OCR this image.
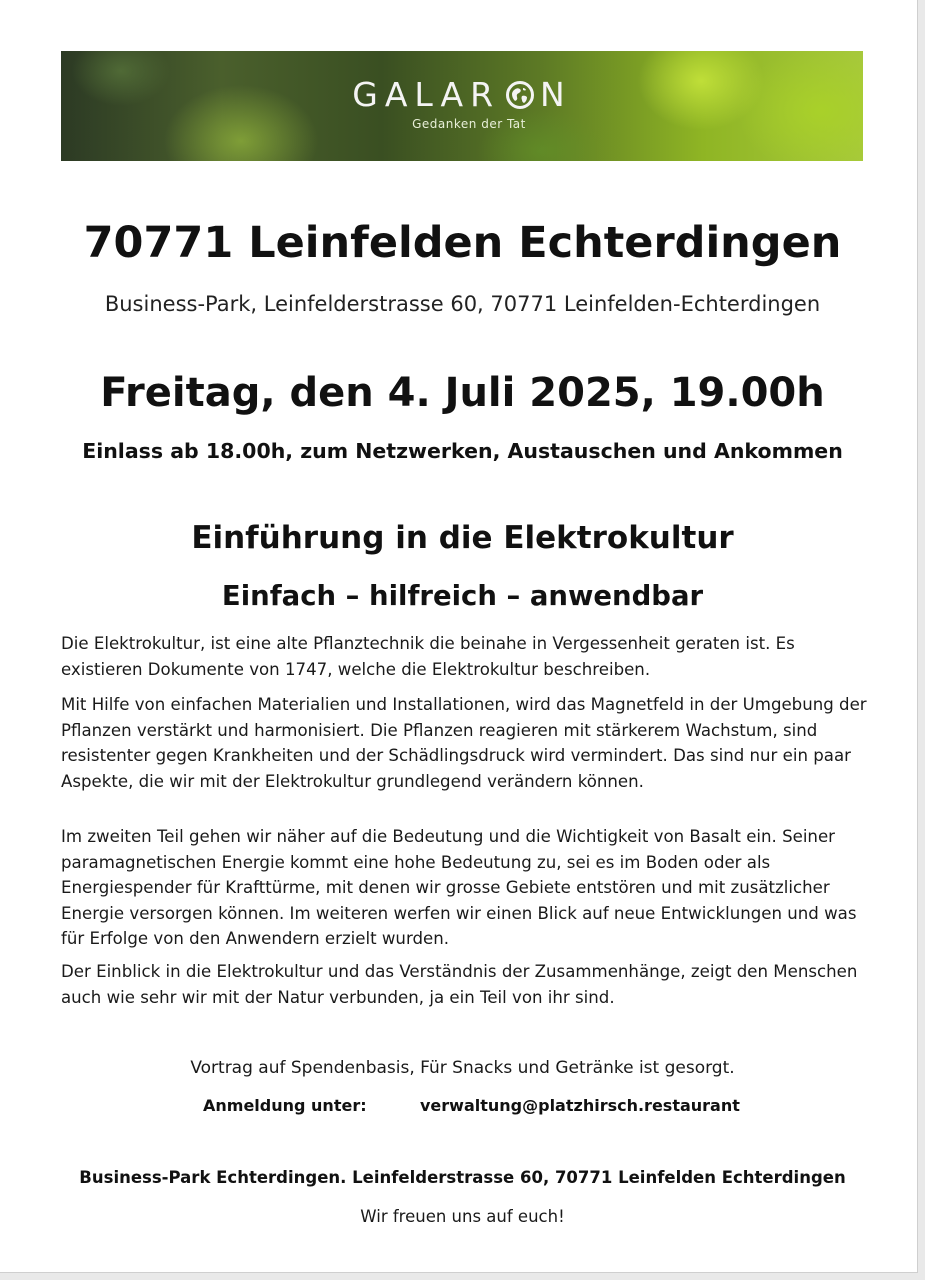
GALAR N
Gedanken der Tat
70771 Leinfelden Echterdingen
Business-Park, Leinfelderstrasse 60, 70771 Leinfelden-Echterdingen
Freitag, den 4. Juli 2025, 19.00h
Einlass ab 18.00h, zum Netzwerken, Austauschen und Ankommen
Einführung in die Elektrokultur
Einfach – hilfreich – anwendbar

Die Elektrokultur, ist eine alte Pflanztechnik die beinahe in Vergessenheit geraten ist. Es existieren Dokumente von 1747, welche die Elektrokultur beschreiben.

Mit Hilfe von einfachen Materialien und Installationen, wird das Magnetfeld in der Umgebung der Pflanzen verstärkt und harmonisiert. Die Pflanzen reagieren mit stärkerem Wachstum, sind resistenter gegen Krankheiten und der Schädlingsdruck wird vermindert. Das sind nur ein paar Aspekte, die wir mit der Elektrokultur grundlegend verändern können.

Im zweiten Teil gehen wir näher auf die Bedeutung und die Wichtigkeit von Basalt ein. Seiner paramagnetischen Energie kommt eine hohe Bedeutung zu, sei es im Boden oder als Energiespender für Krafttürme, mit denen wir grosse Gebiete entstören und mit zusätzlicher Energie versorgen können. Im weiteren werfen wir einen Blick auf neue Entwicklungen und was für Erfolge von den Anwendern erzielt wurden.

Der Einblick in die Elektrokultur und das Verständnis der Zusammenhänge, zeigt den Menschen auch wie sehr wir mit der Natur verbunden, ja ein Teil von ihr sind.

Vortrag auf Spendenbasis, Für Snacks und Getränke ist gesorgt.
Anmeldung unter:	verwaltung@platzhirsch.restaurant
Business-Park Echterdingen. Leinfelderstrasse 60, 70771 Leinfelden Echterdingen
Wir freuen uns auf euch!
